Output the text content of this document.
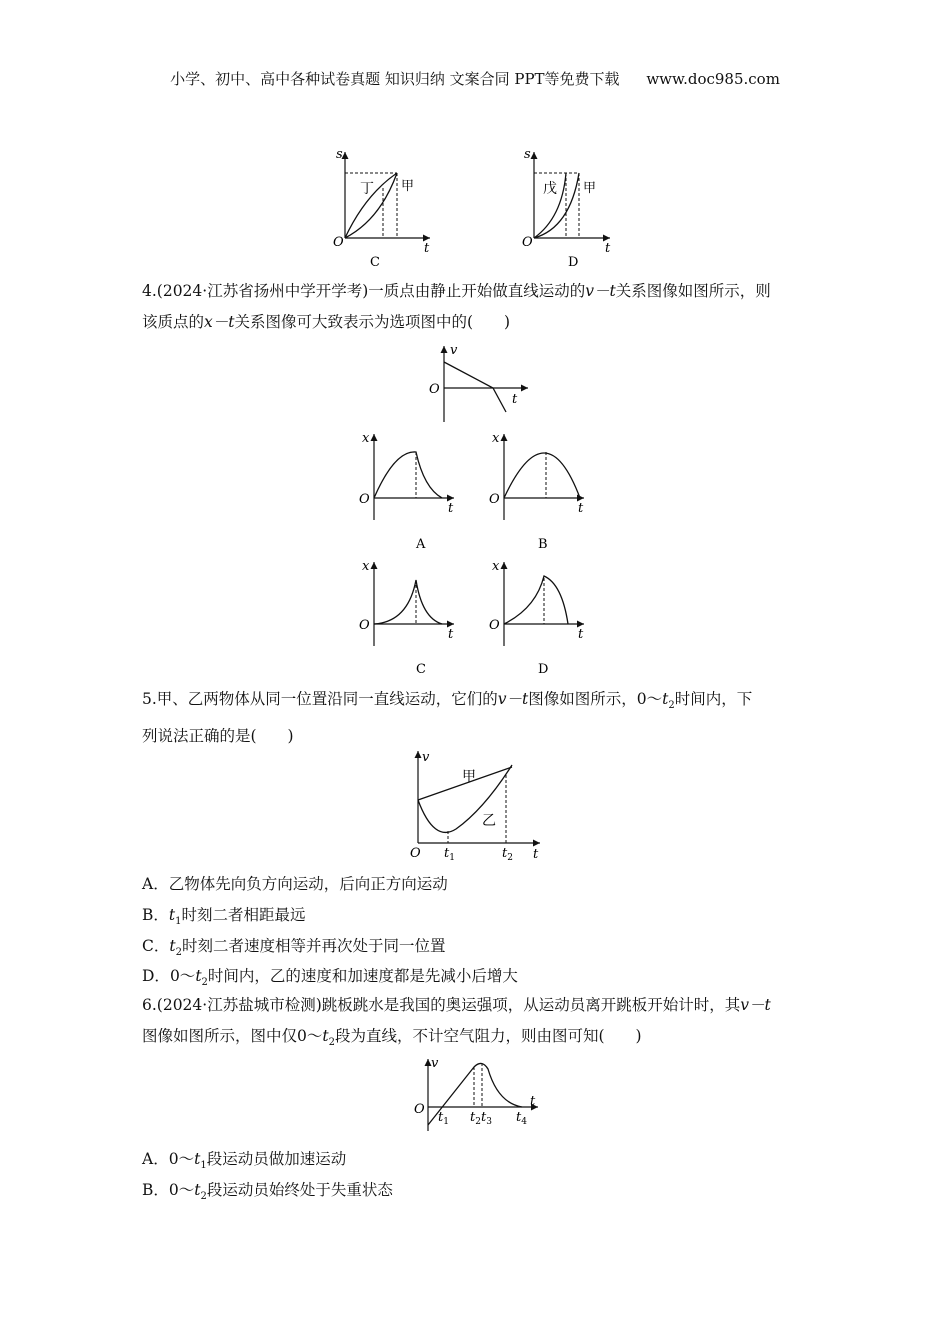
小学、初中、高中各种试卷真题 知识归纳 文案合同 PPT等免费下载 www.doc985.com
s
t
O
丁 甲
C
s
t
O
戊 甲
D
4.(2024·江苏省扬州中学开学考)一质点由静止开始做直线运动的v－t关系图像如图所示，则
该质点的x－t关系图像可大致表示为选项图中的(　　)
v
t
O
x
t
O
A
x
t
O
B
x
t
O
C
x
t
O
D
5.甲、乙两物体从同一位置沿同一直线运动，它们的v－t图像如图所示，$0\sim t_2$时间内，下
列说法正确的是(　　)
v
t
O
甲
乙
$t_1$	$t_2$
A．乙物体先向负方向运动，后向正方向运动
B．$t_1$时刻二者相距最远
C．$t_2$时刻二者速度相等并再次处于同一位置
D．$0\sim t_2$时间内，乙的速度和加速度都是先减小后增大
6.(2024·江苏盐城市检测)跳板跳水是我国的奥运强项，从运动员离开跳板开始计时，其v－t
图像如图所示，图中仅$0\sim t_2$段为直线，不计空气阻力，则由图可知(　　)
v
t
O
$t_1$ $t_2$ $t_3$ $t_4$
A．$0\sim t_1$段运动员做加速运动
B．$0\sim t_2$段运动员始终处于失重状态
